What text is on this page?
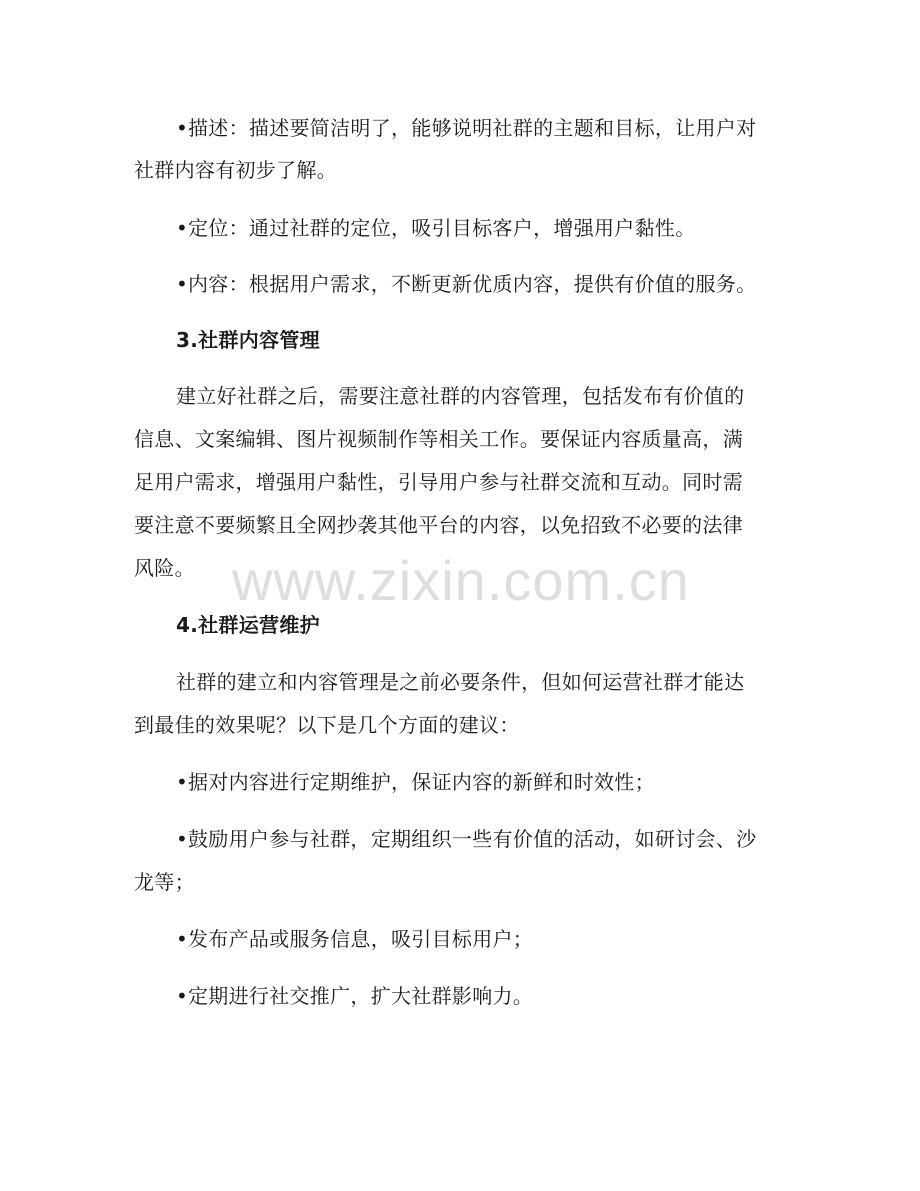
•描述：描述要简洁明了，能够说明社群的主题和目标，让用户对
社群内容有初步了解。
•定位：通过社群的定位，吸引目标客户，增强用户黏性。
•内容：根据用户需求，不断更新优质内容，提供有价值的服务。
3.社群内容管理
建立好社群之后，需要注意社群的内容管理，包括发布有价值的
信息、文案编辑、图片视频制作等相关工作。要保证内容质量高，满
足用户需求，增强用户黏性，引导用户参与社群交流和互动。同时需
要注意不要频繁且全网抄袭其他平台的内容，以免招致不必要的法律
风险。
4.社群运营维护
社群的建立和内容管理是之前必要条件，但如何运营社群才能达
到最佳的效果呢？以下是几个方面的建议：
•据对内容进行定期维护，保证内容的新鲜和时效性；
•鼓励用户参与社群，定期组织一些有价值的活动，如研讨会、沙
龙等；
•发布产品或服务信息，吸引目标用户；
•定期进行社交推广，扩大社群影响力。
www.zixin.com.cn
